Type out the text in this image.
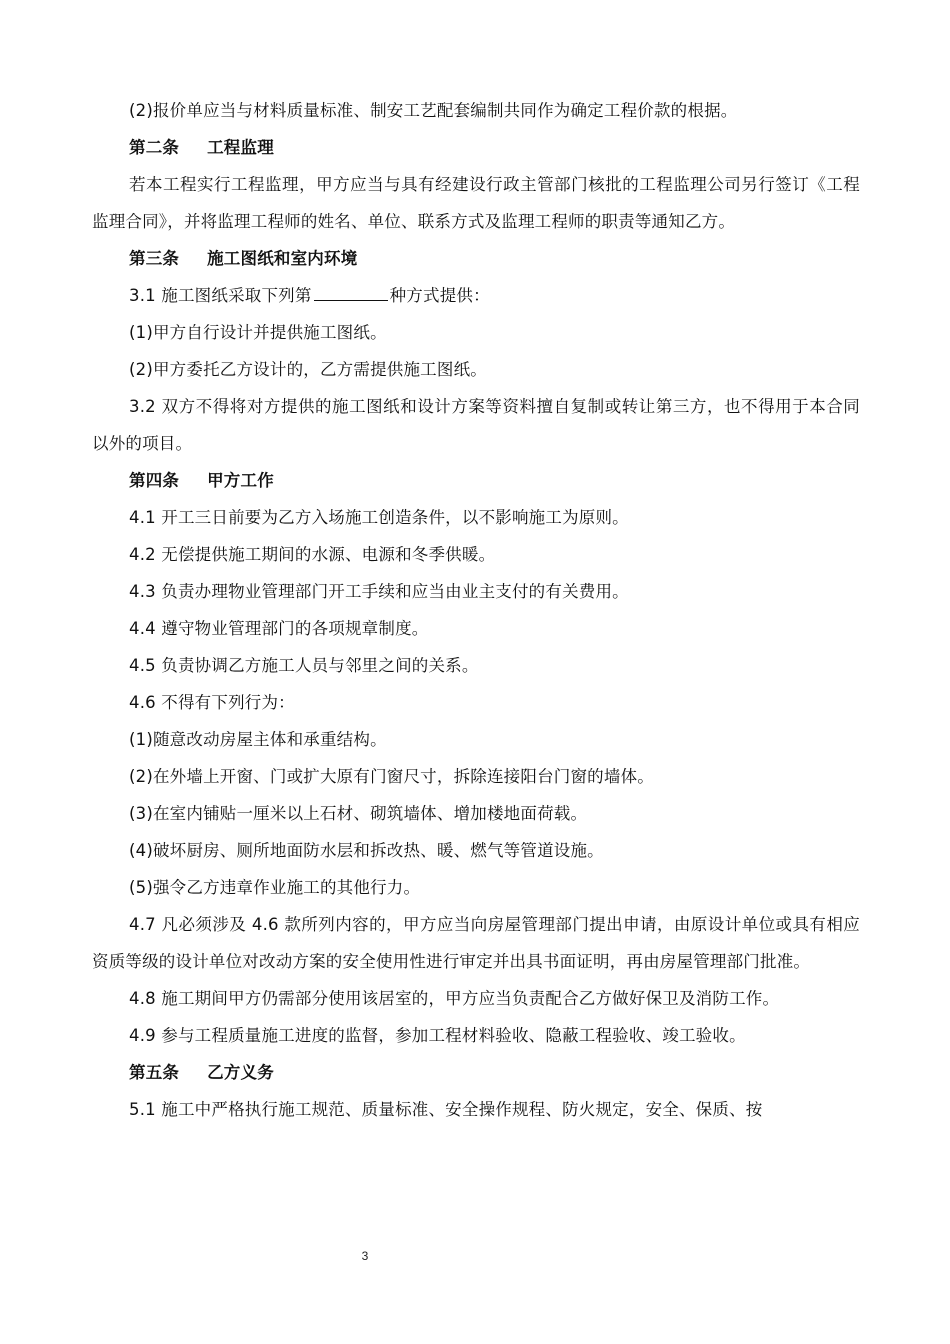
(2)报价单应当与材料质量标准、制安工艺配套编制共同作为确定工程价款的根据。

第二条 工程监理

若本工程实行工程监理，甲方应当与具有经建设行政主管部门核批的工程监理公司另行签订《工程监理合同》，并将监理工程师的姓名、单位、联系方式及监理工程师的职责等通知乙方。

第三条 施工图纸和室内环境

3.1 施工图纸采取下列第	种方式提供：

(1)甲方自行设计并提供施工图纸。

(2)甲方委托乙方设计的，乙方需提供施工图纸。

3.2 双方不得将对方提供的施工图纸和设计方案等资料擅自复制或转让第三方，也不得用于本合同以外的项目。

第四条 甲方工作

4.1 开工三日前要为乙方入场施工创造条件，以不影响施工为原则。

4.2 无偿提供施工期间的水源、电源和冬季供暖。

4.3 负责办理物业管理部门开工手续和应当由业主支付的有关费用。

4.4 遵守物业管理部门的各项规章制度。

4.5 负责协调乙方施工人员与邻里之间的关系。

4.6 不得有下列行为：

(1)随意改动房屋主体和承重结构。

(2)在外墙上开窗、门或扩大原有门窗尺寸，拆除连接阳台门窗的墙体。

(3)在室内铺贴一厘米以上石材、砌筑墙体、增加楼地面荷载。

(4)破坏厨房、厕所地面防水层和拆改热、暖、燃气等管道设施。

(5)强令乙方违章作业施工的其他行力。

4.7 凡必须涉及 4.6 款所列内容的，甲方应当向房屋管理部门提出申请，由原设计单位或具有相应资质等级的设计单位对改动方案的安全使用性进行审定并出具书面证明，再由房屋管理部门批准。

4.8 施工期间甲方仍需部分使用该居室的，甲方应当负责配合乙方做好保卫及消防工作。

4.9 参与工程质量施工进度的监督，参加工程材料验收、隐蔽工程验收、竣工验收。

第五条 乙方义务

5.1 施工中严格执行施工规范、质量标准、安全操作规程、防火规定，安全、保质、按

3
